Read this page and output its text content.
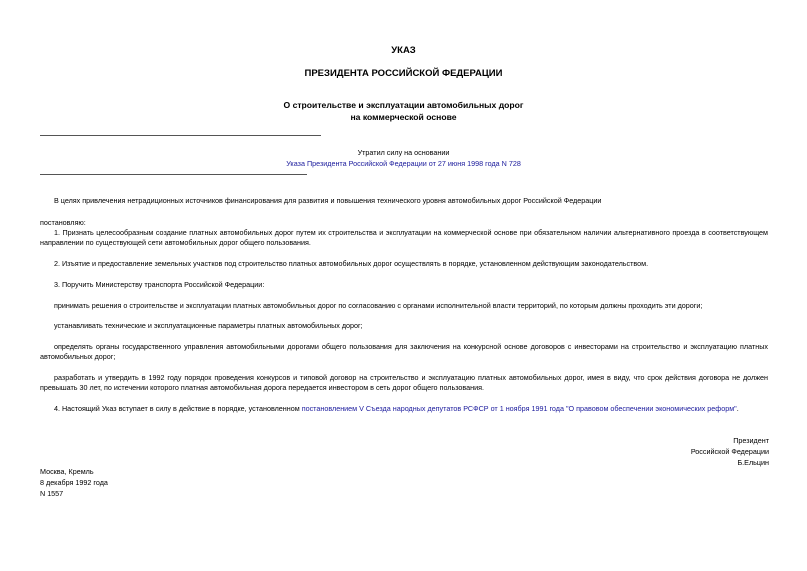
УКАЗ
ПРЕЗИДЕНТА РОССИЙСКОЙ ФЕДЕРАЦИИ
О строительстве и эксплуатации автомобильных дорог
на коммерческой основе
Утратил силу на основании
Указа Президента Российской Федерации от 27 июня 1998 года N 728
В целях привлечения нетрадиционных источников финансирования для развития и повышения технического уровня автомобильных дорог Российской Федерации
постановляю:
1. Признать целесообразным создание платных автомобильных дорог путем их строительства и эксплуатации на коммерческой основе при обязательном наличии альтернативного проезда в соответствующем направлении по существующей сети автомобильных дорог общего пользования.
2. Изъятие и предоставление земельных участков под строительство платных автомобильных дорог осуществлять в порядке, установленном действующим законодательством.
3. Поручить Министерству транспорта Российской Федерации:
принимать решения о строительстве и эксплуатации платных автомобильных дорог по согласованию с органами исполнительной власти территорий, по которым должны проходить эти дороги;
устанавливать технические и эксплуатационные параметры платных автомобильных дорог;
определять органы государственного управления автомобильными дорогами общего пользования для заключения на конкурсной основе договоров с инвесторами на строительство и эксплуатацию платных автомобильных дорог;
разработать и утвердить в 1992 году порядок проведения конкурсов и типовой договор на строительство и эксплуатацию платных автомобильных дорог, имея в виду, что срок действия договора не должен превышать 30 лет, по истечении которого платная автомобильная дорога передается инвестором в сеть дорог общего пользования.
4. Настоящий Указ вступает в силу в действие в порядке, установленном постановлением V Съезда народных депутатов РСФСР от 1 ноября 1991 года "О правовом обеспечении экономических реформ".
Президент
Российской Федерации
Б.Ельцин
Москва, Кремль
8 декабря 1992 года
N 1557
